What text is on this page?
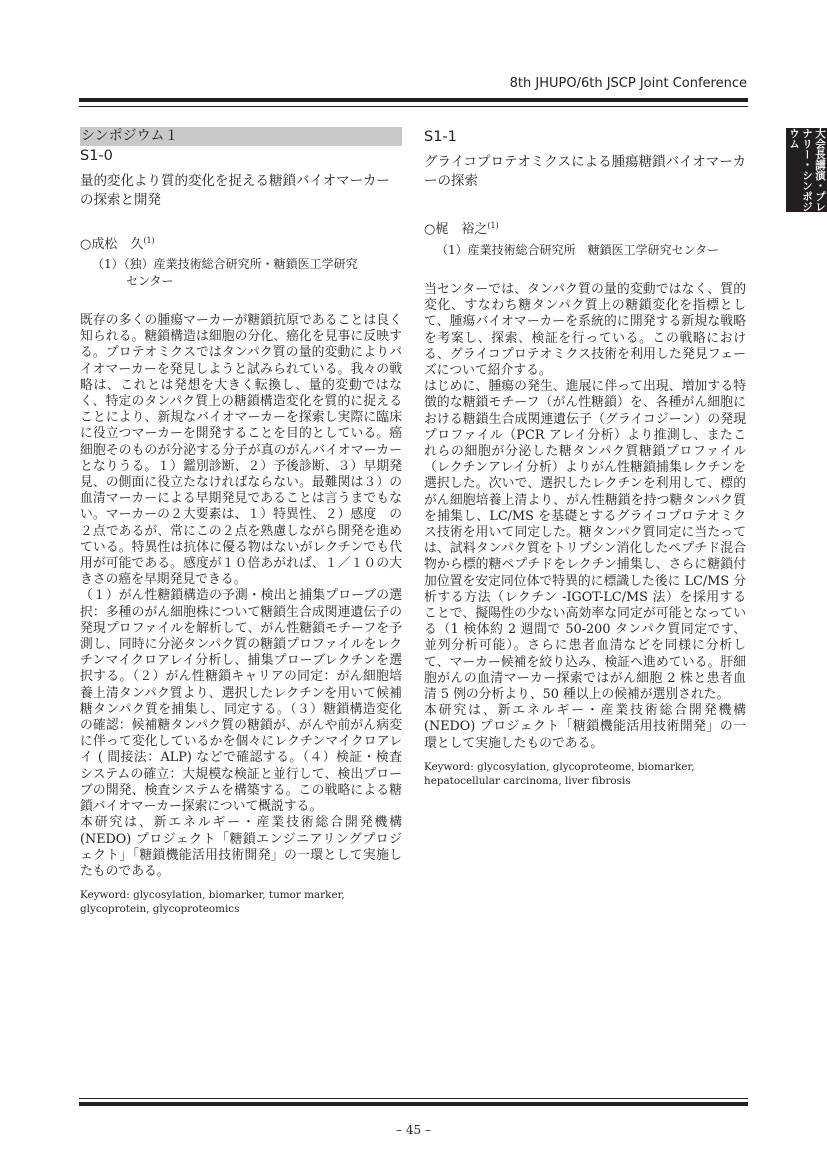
8th JHUPO/6th JSCP Joint Conference
大会長講演・プレナリー・シンポジウム
シンポジウム１
S1-0
量的変化より質的変化を捉える糖鎖バイオマーカーの探索と開発
○成松　久$^{(1)}$
（1）（独）産業技術総合研究所・糖鎖医工学研究
センター

既存の多くの腫瘍マーカーが糖鎖抗原であることは良く知られる。糖鎖構造は細胞の分化、癌化を見事に反映する。プロテオミクスではタンパク質の量的変動によりバイオマーカーを発見しようと試みられている。我々の戦略は、これとは発想を大きく転換し、量的変動ではなく、特定のタンパク質上の糖鎖構造変化を質的に捉えることにより、新規なバイオマーカーを探索し実際に臨床に役立つマーカーを開発することを目的としている。癌細胞そのものが分泌する分子が真のがんバイオマーカーとなりうる。１）鑑別診断、２）予後診断、３）早期発見、の側面に役立たなければならない。最難関は３）の血清マーカーによる早期発見であることは言うまでもない。マーカーの２大要素は、１）特異性、２）感度　の２点であるが、常にこの２点を熟慮しながら開発を進めている。特異性は抗体に優る物はないがレクチンでも代用が可能である。感度が１０倍あがれば、１／１０の大きさの癌を早期発見できる。

（１）がん性糖鎖構造の予測・検出と捕集プローブの選択：多種のがん細胞株について糖鎖生合成関連遺伝子の発現プロファイルを解析して、がん性糖鎖モチーフを予測し、同時に分泌タンパク質の糖鎖プロファイルをレクチンマイクロアレイ分析し、捕集プローブレクチンを選択する。（２）がん性糖鎖キャリアの同定：がん細胞培養上清タンパク質より、選択したレクチンを用いて候補糖タンパク質を捕集し、同定する。（３）糖鎖構造変化の確認：候補糖タンパク質の糖鎖が、がんや前がん病変に伴って変化しているかを個々にレクチンマイクロアレイ ( 間接法：ALP) などで確認する。（４）検証・検査システムの確立：大規模な検証と並行して、検出プローブの開発、検査システムを構築する。この戦略による糖鎖バイオマーカー探索について概説する。

本研究は、新エネルギー・産業技術総合開発機構 (NEDO) プロジェクト「糖鎖エンジニアリングプロジェクト」「糖鎖機能活用技術開発」の一環として実施したものである。

Keyword: glycosylation, biomarker, tumor marker, glycoprotein, glycoproteomics
S1-1
グライコプロテオミクスによる腫瘍糖鎖バイオマーカーの探索
○梶　裕之$^{(1)}$
（1）産業技術総合研究所　糖鎖医工学研究センター

当センターでは、タンパク質の量的変動ではなく、質的変化、すなわち糖タンパク質上の糖鎖変化を指標として、腫瘍バイオマーカーを系統的に開発する新規な戦略を考案し、探索、検証を行っている。この戦略における、グライコプロテオミクス技術を利用した発見フェーズについて紹介する。

はじめに、腫瘍の発生、進展に伴って出現、増加する特徴的な糖鎖モチーフ（がん性糖鎖）を、各種がん細胞における糖鎖生合成関連遺伝子（グライコジーン）の発現プロファイル（PCR アレイ分析）より推測し、またこれらの細胞が分泌した糖タンパク質糖鎖プロファイル（レクチンアレイ分析）よりがん性糖鎖捕集レクチンを選択した。次いで、選択したレクチンを利用して、標的がん細胞培養上清より、がん性糖鎖を持つ糖タンパク質を捕集し、LC/MS を基礎とするグライコプロテオミクス技術を用いて同定した。糖タンパク質同定に当たっては、試料タンパク質をトリプシン消化したペプチド混合物から標的糖ペプチドをレクチン捕集し、さらに糖鎖付加位置を安定同位体で特異的に標識した後に LC/MS 分析する方法（レクチン -IGOT-LC/MS 法）を採用することで、擬陽性の少ない高効率な同定が可能となっている（1 検体約 2 週間で 50-200 タンパク質同定です、並列分析可能）。さらに患者血清などを同様に分析して、マーカー候補を絞り込み、検証へ進めている。肝細胞がんの血清マーカー探索ではがん細胞 2 株と患者血清 5 例の分析より、50 種以上の候補が選別された。

本研究は、新エネルギー・産業技術総合開発機構 (NEDO) プロジェクト「糖鎖機能活用技術開発」の一環として実施したものである。

Keyword: glycosylation, glycoproteome, biomarker, hepatocellular carcinoma, liver fibrosis
– 45 –
